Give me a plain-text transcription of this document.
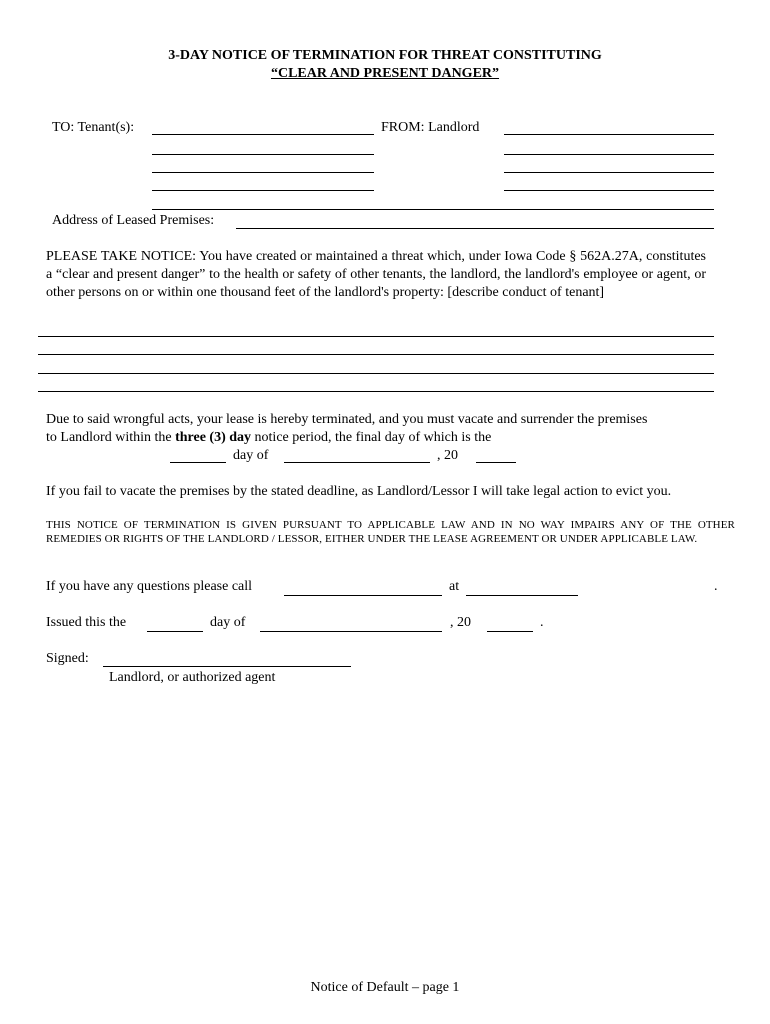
3-DAY NOTICE OF TERMINATION FOR THREAT CONSTITUTING
“CLEAR AND PRESENT DANGER”
TO: Tenant(s):	FROM: Landlord
Address of Leased Premises:
PLEASE TAKE NOTICE: You have created or maintained a threat which, under Iowa Code § 562A.27A, constitutes a “clear and present danger” to the health or safety of other tenants, the landlord, the landlord's employee or agent, or other persons on or within one thousand feet of the landlord's property: [describe conduct of tenant]
Due to said wrongful acts, your lease is hereby terminated, and you must vacate and surrender the premises
to Landlord within the three (3) day notice period, the final day of which is the
day of	, 20
If you fail to vacate the premises by the stated deadline, as Landlord/Lessor I will take legal action to evict you.
THIS NOTICE OF TERMINATION IS GIVEN PURSUANT TO APPLICABLE LAW AND IN NO WAY IMPAIRS ANY OF THE OTHER REMEDIES OR RIGHTS OF THE LANDLORD / LESSOR, EITHER UNDER THE LEASE AGREEMENT OR UNDER APPLICABLE LAW.
If you have any questions please call	at	.
Issued this the	day of	, 20	.
Signed:
Landlord, or authorized agent
Notice of Default – page 1
